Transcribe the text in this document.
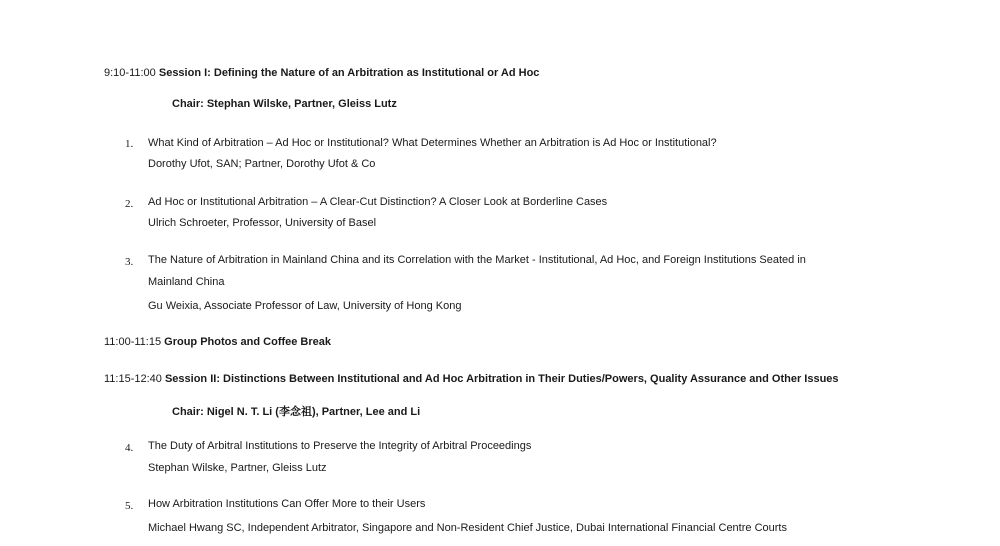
9:10-11:00 Session I: Defining the Nature of an Arbitration as Institutional or Ad Hoc
Chair: Stephan Wilske, Partner, Gleiss Lutz
1. What Kind of Arbitration – Ad Hoc or Institutional? What Determines Whether an Arbitration is Ad Hoc or Institutional?
Dorothy Ufot, SAN; Partner, Dorothy Ufot & Co
2. Ad Hoc or Institutional Arbitration – A Clear-Cut Distinction? A Closer Look at Borderline Cases
Ulrich Schroeter, Professor, University of Basel
3. The Nature of Arbitration in Mainland China and its Correlation with the Market - Institutional, Ad Hoc, and Foreign Institutions Seated in
Mainland China
Gu Weixia, Associate Professor of Law, University of Hong Kong
11:00-11:15 Group Photos and Coffee Break
11:15-12:40 Session II: Distinctions Between Institutional and Ad Hoc Arbitration in Their Duties/Powers, Quality Assurance and Other Issues
Chair: Nigel N. T. Li (李念祖), Partner, Lee and Li
4. The Duty of Arbitral Institutions to Preserve the Integrity of Arbitral Proceedings
Stephan Wilske, Partner, Gleiss Lutz
5. How Arbitration Institutions Can Offer More to their Users
Michael Hwang SC, Independent Arbitrator, Singapore and Non-Resident Chief Justice, Dubai International Financial Centre Courts
